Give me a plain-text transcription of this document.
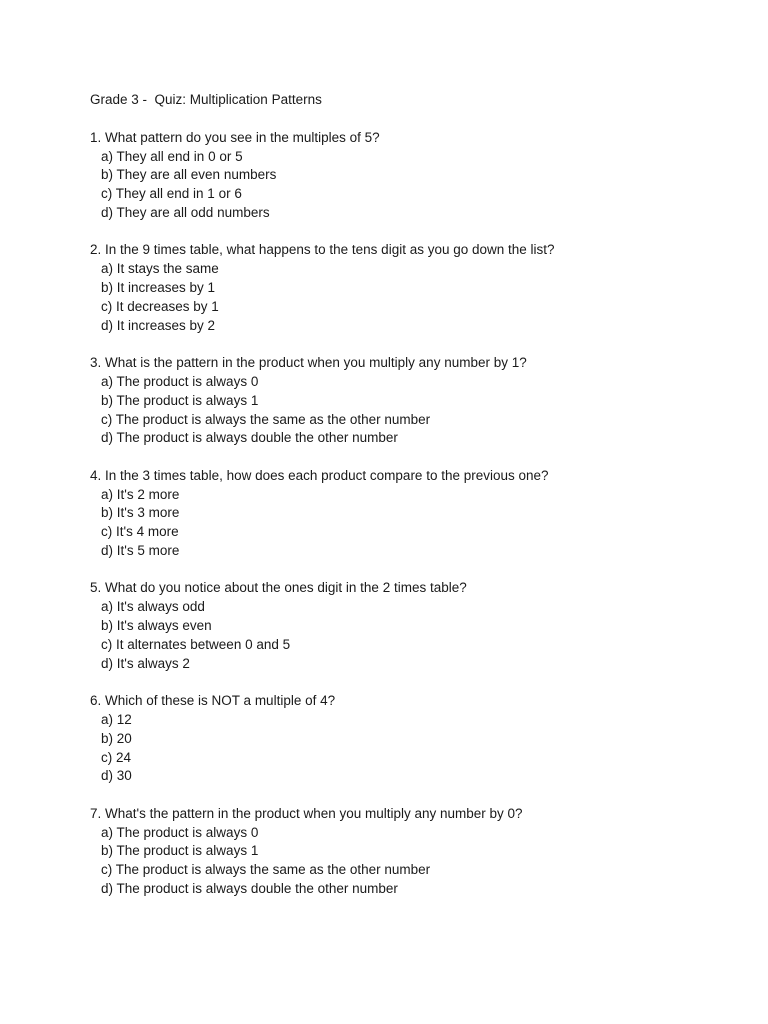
Grade 3 -  Quiz: Multiplication Patterns
1. What pattern do you see in the multiples of 5?
a) They all end in 0 or 5
b) They are all even numbers
c) They all end in 1 or 6
d) They are all odd numbers
2. In the 9 times table, what happens to the tens digit as you go down the list?
a) It stays the same
b) It increases by 1
c) It decreases by 1
d) It increases by 2
3. What is the pattern in the product when you multiply any number by 1?
a) The product is always 0
b) The product is always 1
c) The product is always the same as the other number
d) The product is always double the other number
4. In the 3 times table, how does each product compare to the previous one?
a) It's 2 more
b) It's 3 more
c) It's 4 more
d) It's 5 more
5. What do you notice about the ones digit in the 2 times table?
a) It's always odd
b) It's always even
c) It alternates between 0 and 5
d) It's always 2
6. Which of these is NOT a multiple of 4?
a) 12
b) 20
c) 24
d) 30
7. What's the pattern in the product when you multiply any number by 0?
a) The product is always 0
b) The product is always 1
c) The product is always the same as the other number
d) The product is always double the other number
